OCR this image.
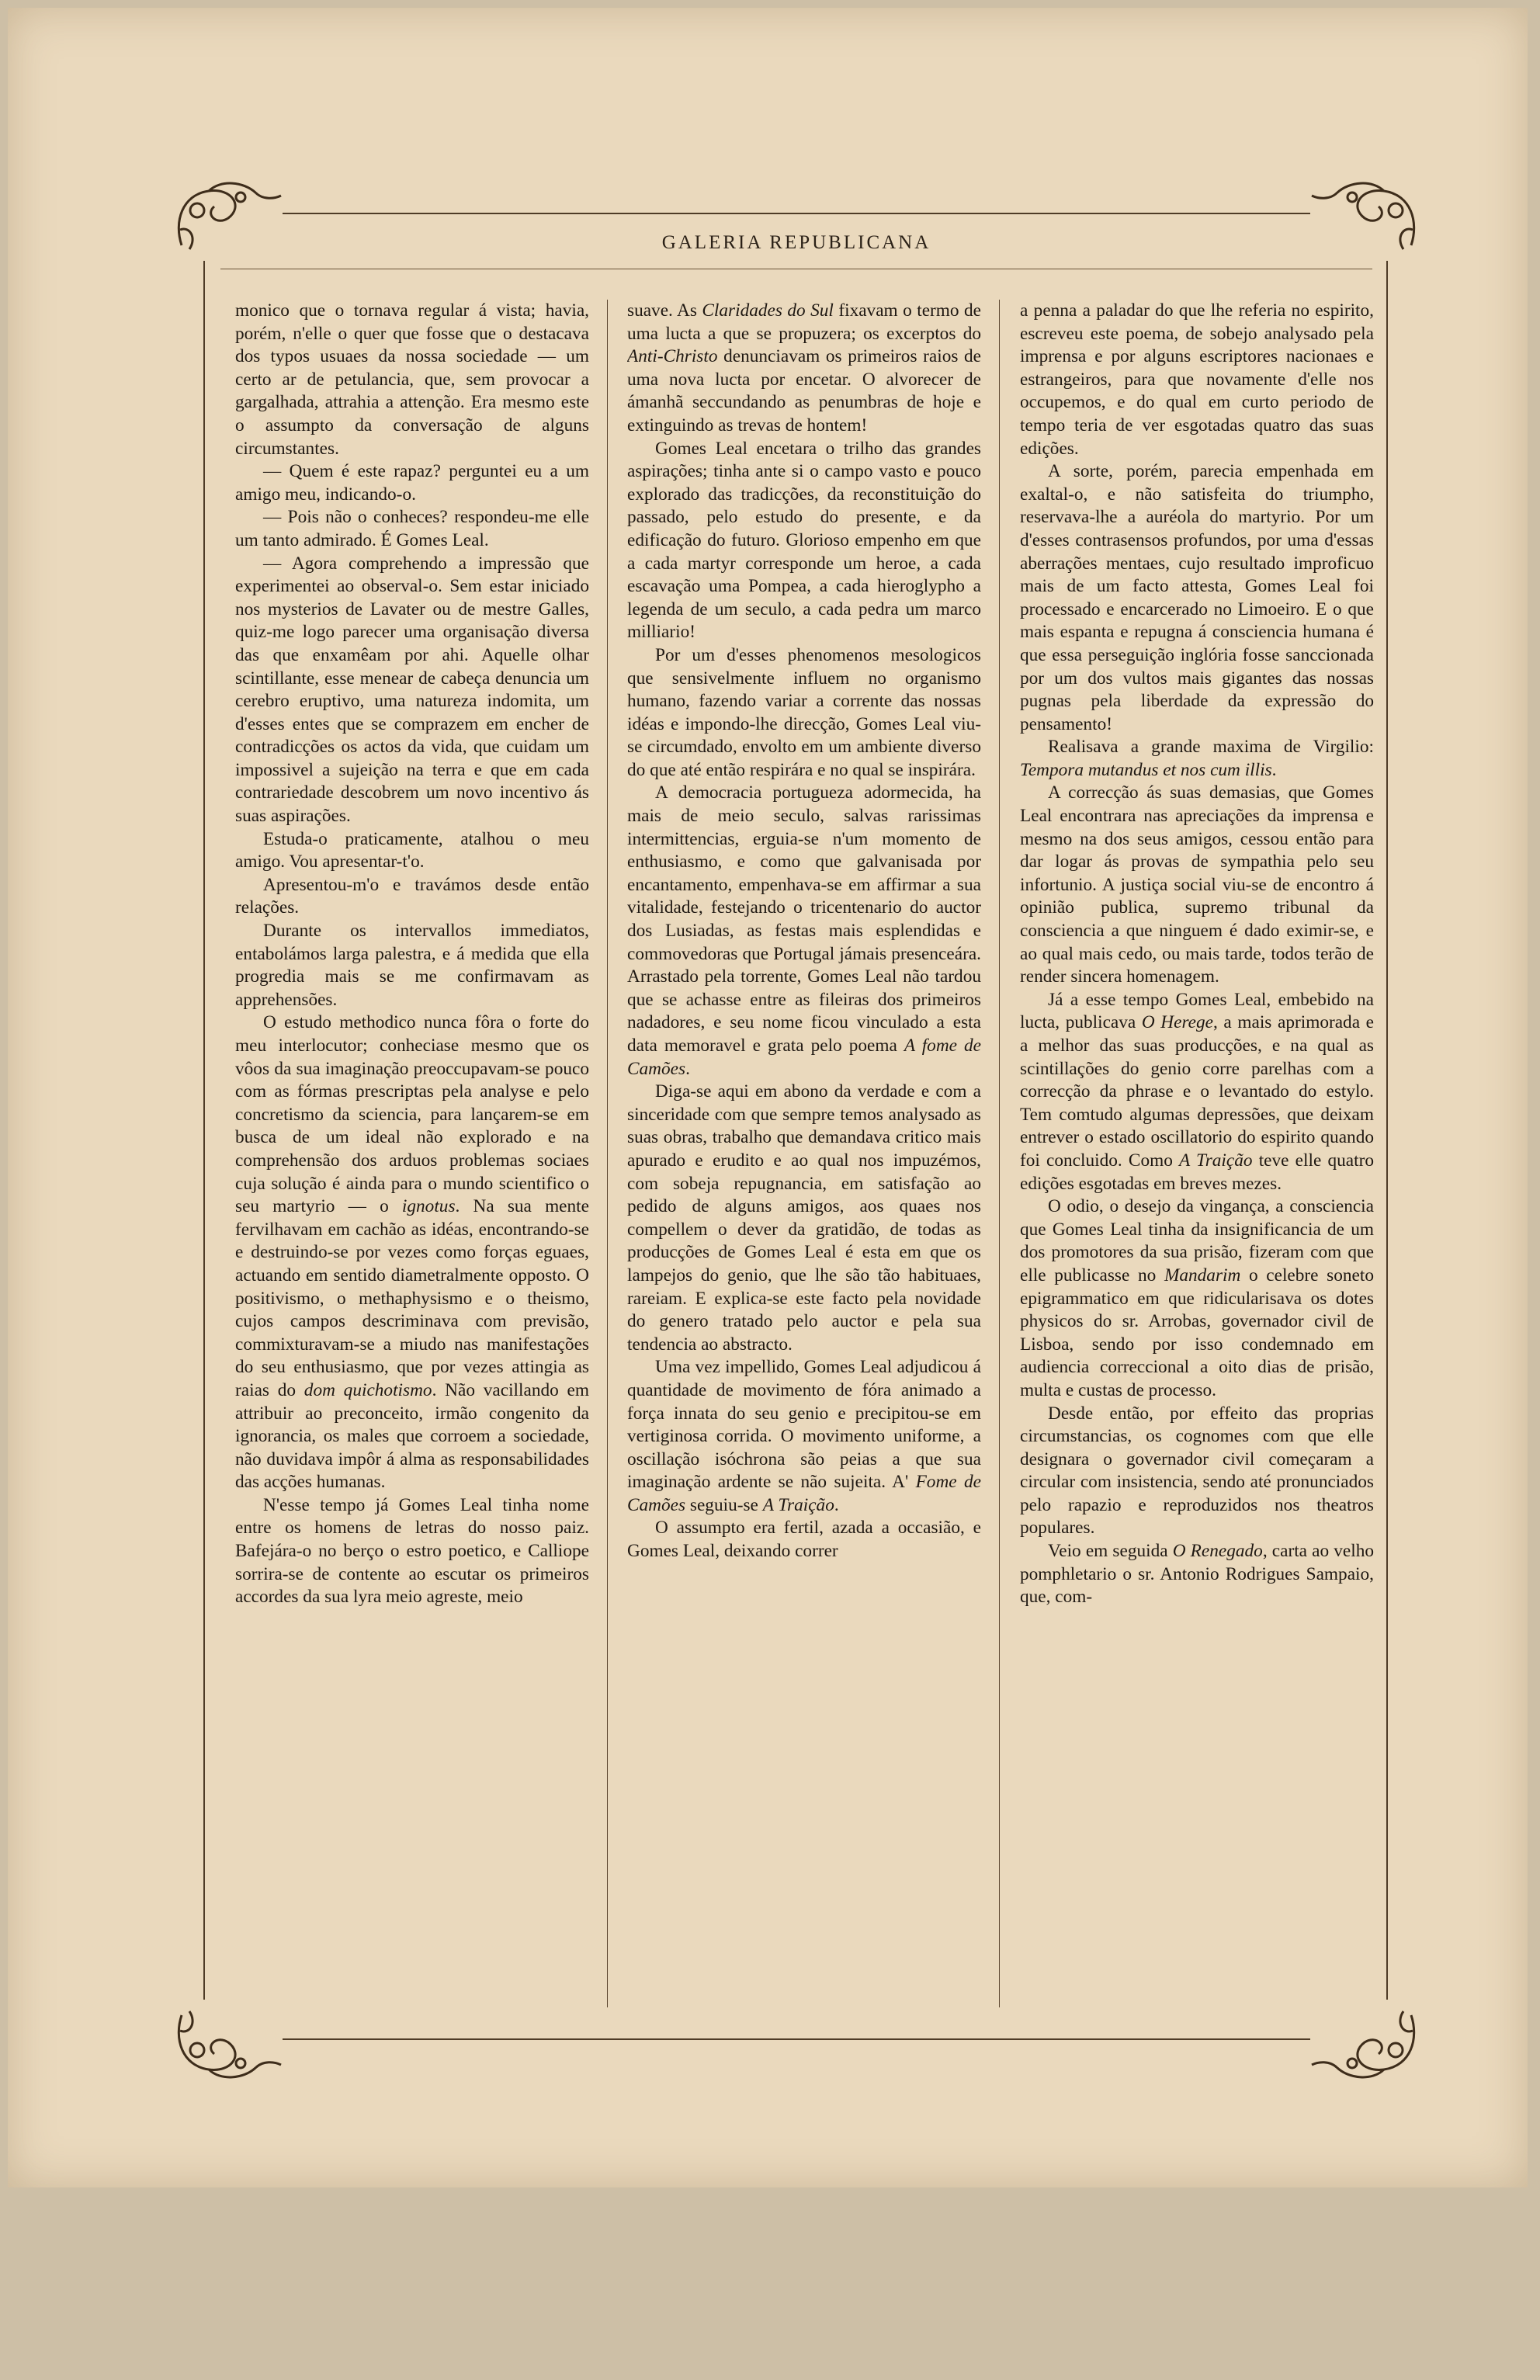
GALERIA REPUBLICANA

monico que o tornava regular á vista; havia, porém, n'elle o quer que fosse que o destacava dos typos usuaes da nossa sociedade — um certo ar de petulancia, que, sem provocar a gargalhada, attrahia a attenção. Era mesmo este o assumpto da conversação de alguns circumstantes.

— Quem é este rapaz? perguntei eu a um amigo meu, indicando-o.

— Pois não o conheces? respondeu-me elle um tanto admirado. É Gomes Leal.

— Agora comprehendo a impressão que experimentei ao observal-o. Sem estar iniciado nos mysterios de Lavater ou de mestre Galles, quiz-me logo parecer uma organisação diversa das que enxamêam por ahi. Aquelle olhar scintillante, esse menear de cabeça denuncia um cerebro eruptivo, uma natureza indomita, um d'esses entes que se comprazem em encher de contradicções os actos da vida, que cuidam um impossivel a sujeição na terra e que em cada contrariedade descobrem um novo incentivo ás suas aspirações.

Estuda-o praticamente, atalhou o meu amigo. Vou apresentar-t'o.

Apresentou-m'o e travámos desde então relações.

Durante os intervallos immediatos, entabolámos larga palestra, e á medida que ella progredia mais se me confirmavam as apprehensões.

O estudo methodico nunca fôra o forte do meu interlocutor; conheciase mesmo que os vôos da sua imaginação preoccupavam-se pouco com as fórmas prescriptas pela analyse e pelo concretismo da sciencia, para lançarem-se em busca de um ideal não explorado e na comprehensão dos arduos problemas sociaes cuja solução é ainda para o mundo scientifico o seu martyrio — o ignotus. Na sua mente fervilhavam em cachão as idéas, encontrando-se e destruindo-se por vezes como forças eguaes, actuando em sentido diametralmente opposto. O positivismo, o methaphysismo e o theismo, cujos campos descriminava com previsão, commixturavam-se a miudo nas manifestações do seu enthusiasmo, que por vezes attingia as raias do dom quichotismo. Não vacillando em attribuir ao preconceito, irmão congenito da ignorancia, os males que corroem a sociedade, não duvidava impôr á alma as responsabilidades das acções humanas.

N'esse tempo já Gomes Leal tinha nome entre os homens de letras do nosso paiz. Bafejára-o no berço o estro poetico, e Calliope sorrira-se de contente ao escutar os primeiros accordes da sua lyra meio agreste, meio

suave. As Claridades do Sul fixavam o termo de uma lucta a que se propuzera; os excerptos do Anti-Christo denunciavam os primeiros raios de uma nova lucta por encetar. O alvorecer de ámanhã seccundando as penumbras de hoje e extinguindo as trevas de hontem!

Gomes Leal encetara o trilho das grandes aspirações; tinha ante si o campo vasto e pouco explorado das tradicções, da reconstituição do passado, pelo estudo do presente, e da edificação do futuro. Glorioso empenho em que a cada martyr corresponde um heroe, a cada escavação uma Pompea, a cada hieroglypho a legenda de um seculo, a cada pedra um marco milliario!

Por um d'esses phenomenos mesologicos que sensivelmente influem no organismo humano, fazendo variar a corrente das nossas idéas e impondo-lhe direcção, Gomes Leal viu-se circumdado, envolto em um ambiente diverso do que até então respirára e no qual se inspirára.

A democracia portugueza adormecida, ha mais de meio seculo, salvas rarissimas intermittencias, erguia-se n'um momento de enthusiasmo, e como que galvanisada por encantamento, empenhava-se em affirmar a sua vitalidade, festejando o tricentenario do auctor dos Lusiadas, as festas mais esplendidas e commovedoras que Portugal jámais presenceára. Arrastado pela torrente, Gomes Leal não tardou que se achasse entre as fileiras dos primeiros nadadores, e seu nome ficou vinculado a esta data memoravel e grata pelo poema A fome de Camões.

Diga-se aqui em abono da verdade e com a sinceridade com que sempre temos analysado as suas obras, trabalho que demandava critico mais apurado e erudito e ao qual nos impuzémos, com sobeja repugnancia, em satisfação ao pedido de alguns amigos, aos quaes nos compellem o dever da gratidão, de todas as producções de Gomes Leal é esta em que os lampejos do genio, que lhe são tão habituaes, rareiam. E explica-se este facto pela novidade do genero tratado pelo auctor e pela sua tendencia ao abstracto.

Uma vez impellido, Gomes Leal adjudicou á quantidade de movimento de fóra animado a força innata do seu genio e precipitou-se em vertiginosa corrida. O movimento uniforme, a oscillação isóchrona são peias a que sua imaginação ardente se não sujeita. A' Fome de Camões seguiu-se A Traição.

O assumpto era fertil, azada a occasião, e Gomes Leal, deixando correr

a penna a paladar do que lhe referia no espirito, escreveu este poema, de sobejo analysado pela imprensa e por alguns escriptores nacionaes e estrangeiros, para que novamente d'elle nos occupemos, e do qual em curto periodo de tempo teria de ver esgotadas quatro das suas edições.

A sorte, porém, parecia empenhada em exaltal-o, e não satisfeita do triumpho, reservava-lhe a auréola do martyrio. Por um d'esses contrasensos profundos, por uma d'essas aberrações mentaes, cujo resultado improficuo mais de um facto attesta, Gomes Leal foi processado e encarcerado no Limoeiro. E o que mais espanta e repugna á consciencia humana é que essa perseguição inglória fosse sanccionada por um dos vultos mais gigantes das nossas pugnas pela liberdade da expressão do pensamento!

Realisava a grande maxima de Virgilio: Tempora mutandus et nos cum illis.

A correcção ás suas demasias, que Gomes Leal encontrara nas apreciações da imprensa e mesmo na dos seus amigos, cessou então para dar logar ás provas de sympathia pelo seu infortunio. A justiça social viu-se de encontro á opinião publica, supremo tribunal da consciencia a que ninguem é dado eximir-se, e ao qual mais cedo, ou mais tarde, todos terão de render sincera homenagem.

Já a esse tempo Gomes Leal, embebido na lucta, publicava O Herege, a mais aprimorada e a melhor das suas producções, e na qual as scintillações do genio corre parelhas com a correcção da phrase e o levantado do estylo. Tem comtudo algumas depressões, que deixam entrever o estado oscillatorio do espirito quando foi concluido. Como A Traição teve elle quatro edições esgotadas em breves mezes.

O odio, o desejo da vingança, a consciencia que Gomes Leal tinha da insignificancia de um dos promotores da sua prisão, fizeram com que elle publicasse no Mandarim o celebre soneto epigrammatico em que ridicularisava os dotes physicos do sr. Arrobas, governador civil de Lisboa, sendo por isso condemnado em audiencia correccional a oito dias de prisão, multa e custas de processo.

Desde então, por effeito das proprias circumstancias, os cognomes com que elle designara o governador civil começaram a circular com insistencia, sendo até pronunciados pelo rapazio e reproduzidos nos theatros populares.

Veio em seguida O Renegado, carta ao velho pomphletario o sr. Antonio Rodrigues Sampaio, que, com-
